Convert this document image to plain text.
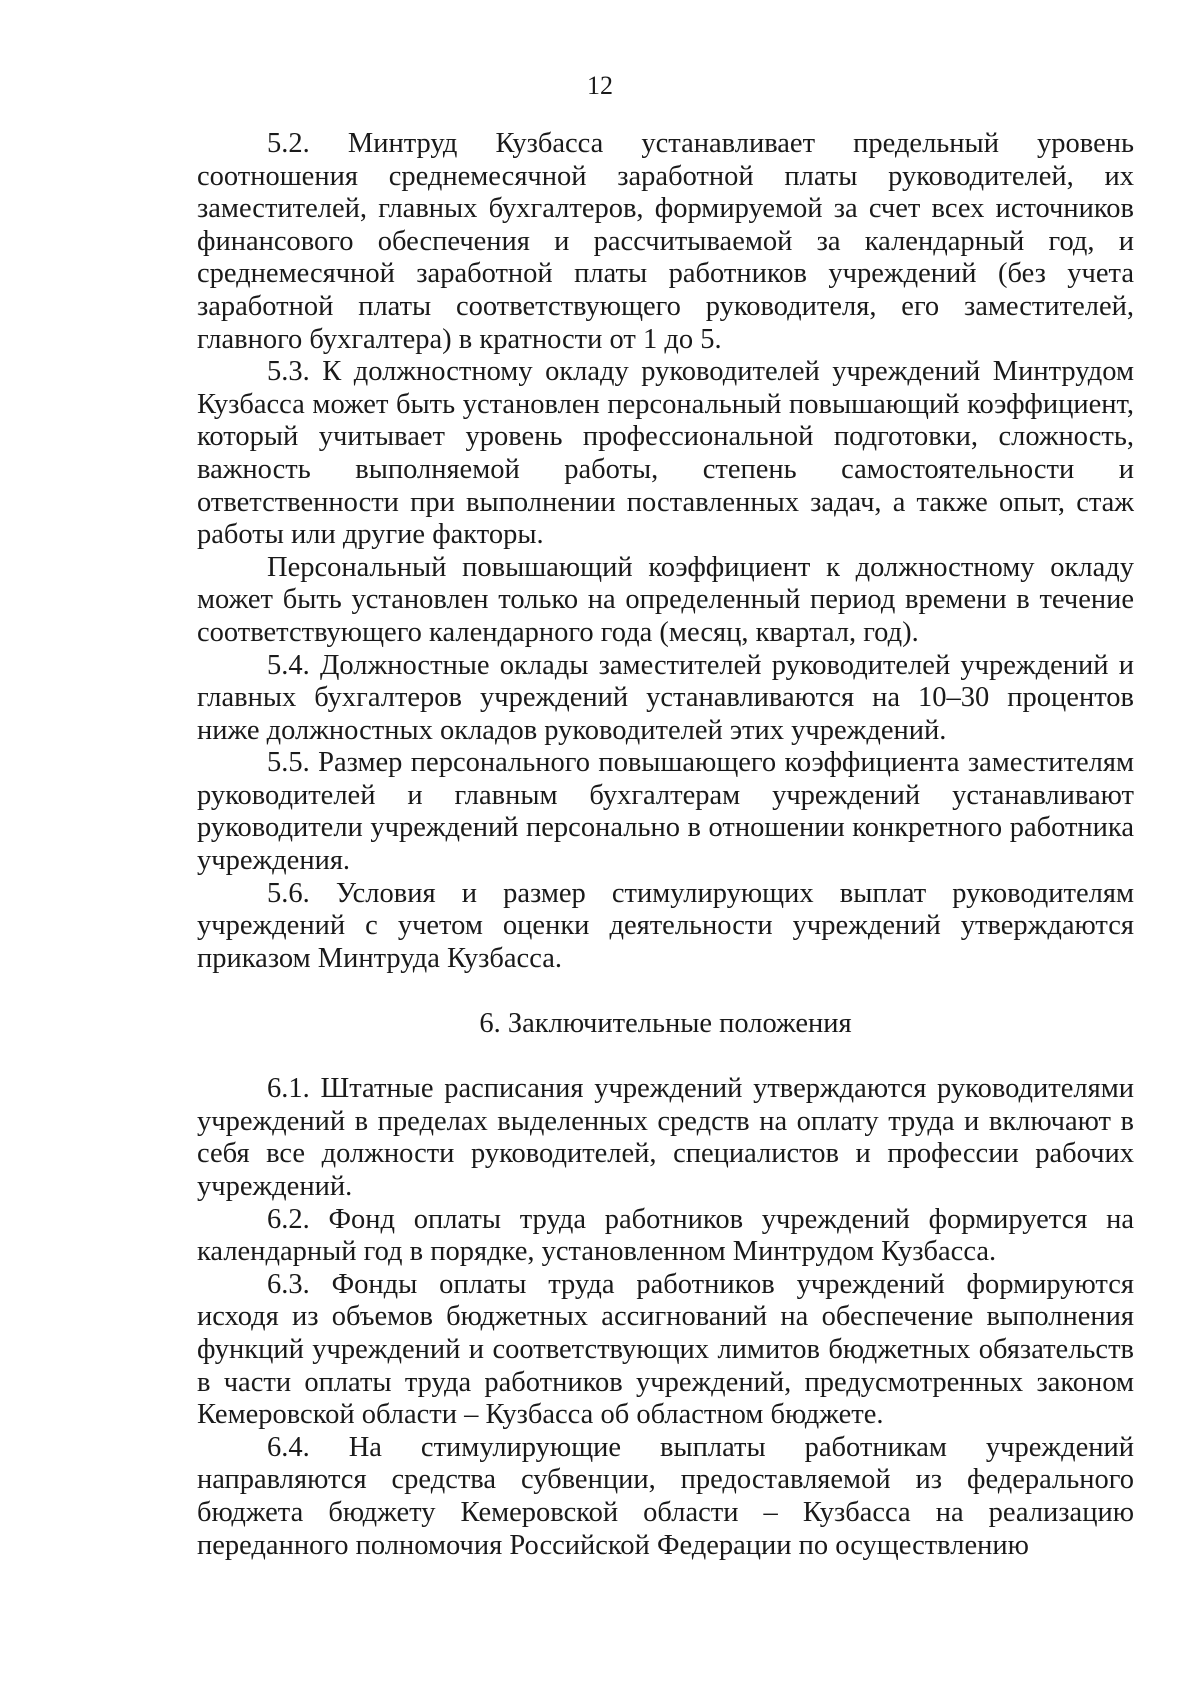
12

5.2. Минтруд Кузбасса устанавливает предельный уровень соотношения среднемесячной заработной платы руководителей, их заместителей, главных бухгалтеров, формируемой за счет всех источников финансового обеспечения и рассчитываемой за календарный год, и среднемесячной заработной платы работников учреждений (без учета заработной платы соответствующего руководителя, его заместителей, главного бухгалтера) в кратности от 1 до 5.

5.3. К должностному окладу руководителей учреждений Минтрудом Кузбасса может быть установлен персональный повышающий коэффициент, который учитывает уровень профессиональной подготовки, сложность, важность выполняемой работы, степень самостоятельности и ответственности при выполнении поставленных задач, а также опыт, стаж работы или другие факторы.

Персональный повышающий коэффициент к должностному окладу может быть установлен только на определенный период времени в течение соответствующего календарного года (месяц, квартал, год).

5.4. Должностные оклады заместителей руководителей учреждений и главных бухгалтеров учреждений устанавливаются на 10–30 процентов ниже должностных окладов руководителей этих учреждений.

5.5. Размер персонального повышающего коэффициента заместителям руководителей и главным бухгалтерам учреждений устанавливают руководители учреждений персонально в отношении конкретного работника учреждения.

5.6. Условия и размер стимулирующих выплат руководителям учреждений с учетом оценки деятельности учреждений утверждаются приказом Минтруда Кузбасса.

6. Заключительные положения

6.1. Штатные расписания учреждений утверждаются руководителями учреждений в пределах выделенных средств на оплату труда и включают в себя все должности руководителей, специалистов и профессии рабочих учреждений.

6.2. Фонд оплаты труда работников учреждений формируется на календарный год в порядке, установленном Минтрудом Кузбасса.

6.3. Фонды оплаты труда работников учреждений формируются исходя из объемов бюджетных ассигнований на обеспечение выполнения функций учреждений и соответствующих лимитов бюджетных обязательств в части оплаты труда работников учреждений, предусмотренных законом Кемеровской области – Кузбасса об областном бюджете.

6.4. На стимулирующие выплаты работникам учреждений направляются средства субвенции, предоставляемой из федерального бюджета бюджету Кемеровской области – Кузбасса на реализацию переданного полномочия Российской Федерации по осуществлению
